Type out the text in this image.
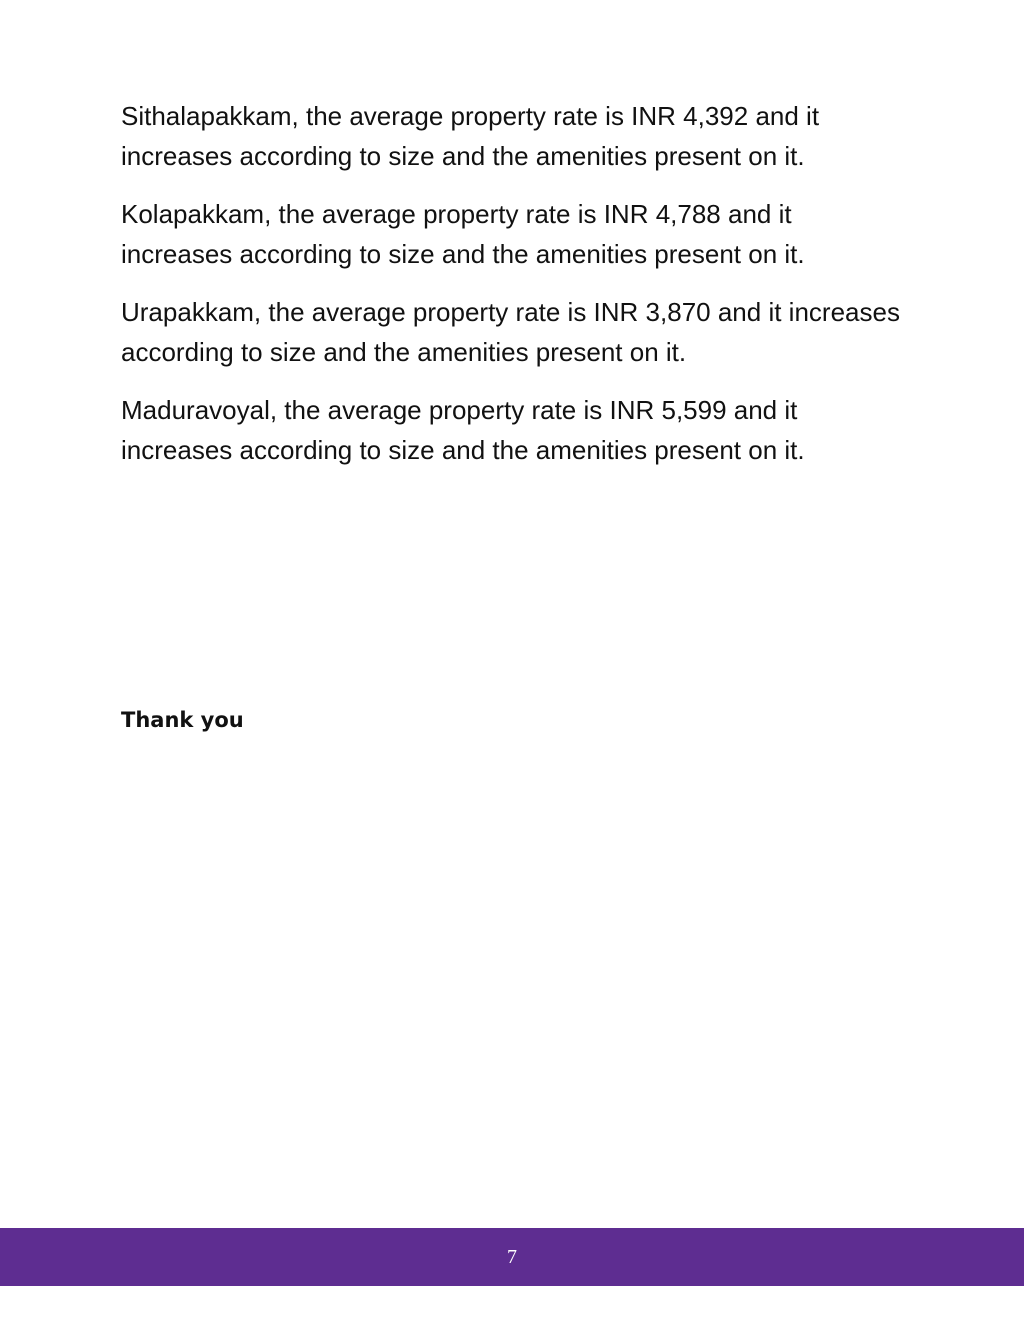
Sithalapakkam, the average property rate is INR 4,392 and it increases according to size and the amenities present on it.

Kolapakkam, the average property rate is INR 4,788 and it increases according to size and the amenities present on it.

Urapakkam, the average property rate is INR 3,870 and it increases according to size and the amenities present on it.

Maduravoyal, the average property rate is INR 5,599 and it increases according to size and the amenities present on it.

Thank you

7
